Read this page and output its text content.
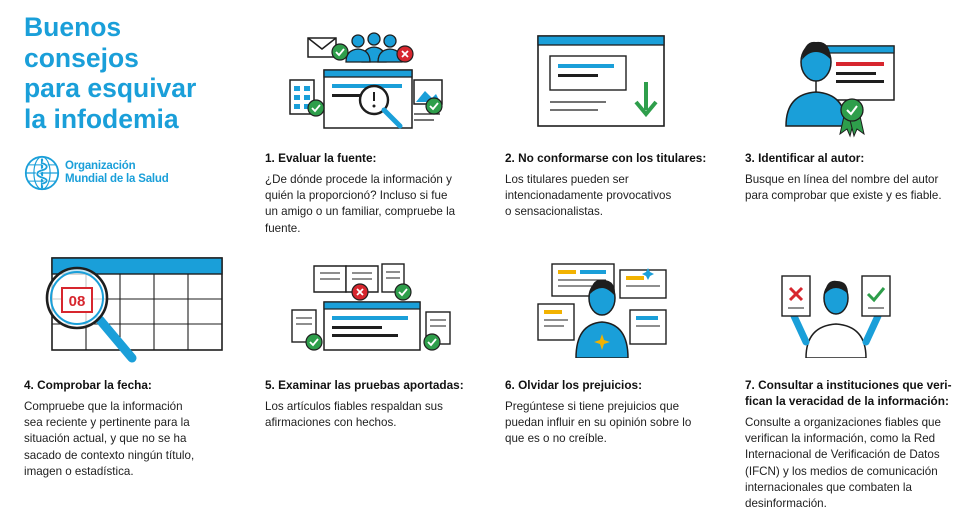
Buenos
consejos
para esquivar
la infodemia
Organización
Mundial de la Salud
08
1. Evaluar la fuente:
¿De dónde procede la información y
quién la proporcionó? Incluso si fue
un amigo o un familiar, compruebe la
fuente.
2. No conformarse con los titulares:
Los titulares pueden ser
intencionadamente provocativos
o sensacionalistas.
3. Identificar al autor:
Busque en línea del nombre del autor
para comprobar que existe y es fiable.
4. Comprobar la fecha:
Compruebe que la información
sea reciente y pertinente para la
situación actual, y que no se ha
sacado de contexto ningún título,
imagen o estadística.
5. Examinar las pruebas aportadas:
Los artículos fiables respaldan sus
afirmaciones con hechos.
6. Olvidar los prejuicios:
Pregúntese si tiene prejuicios que
puedan influir en su opinión sobre lo
que es o no creíble.
7. Consultar a instituciones que veri-
fican la veracidad de la información:
Consulte a organizaciones fiables que
verifican la información, como la Red
Internacional de Verificación de Datos
(IFCN) y los medios de comunicación
internacionales que combaten la
desinformación.
